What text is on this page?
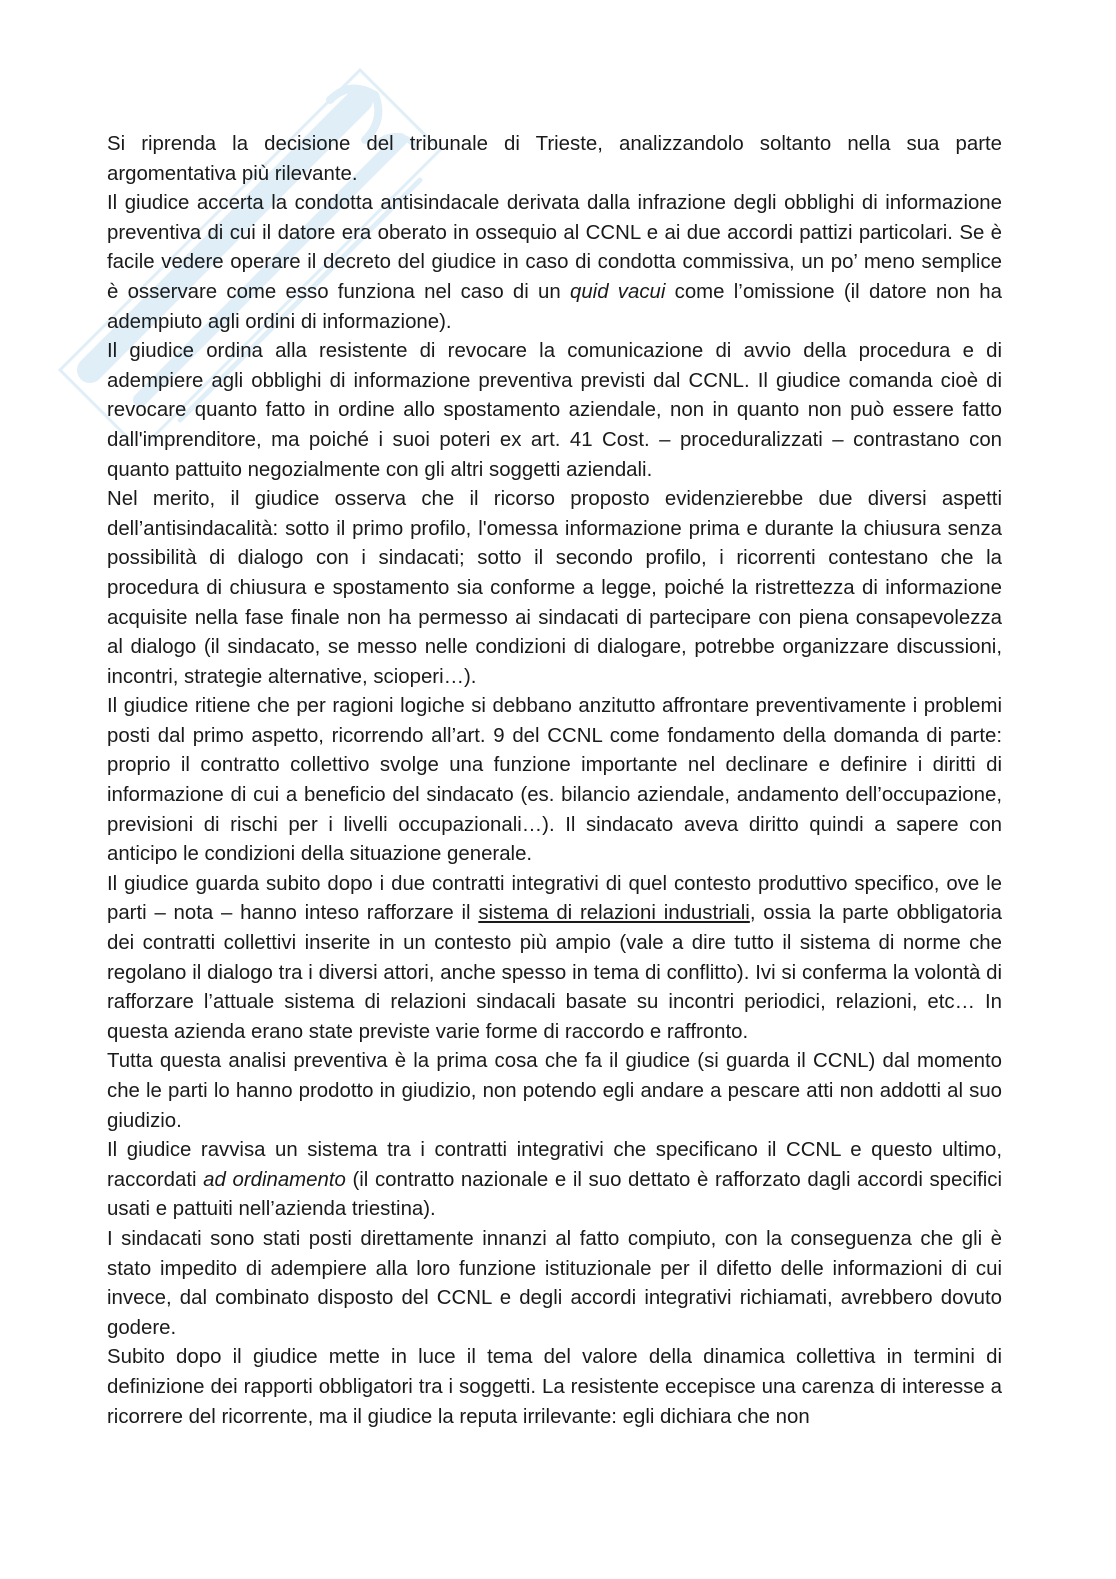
Si riprenda la decisione del tribunale di Trieste, analizzandolo soltanto nella sua parte argomentativa più rilevante.

Il giudice accerta la condotta antisindacale derivata dalla infrazione degli obblighi di informazione preventiva di cui il datore era oberato in ossequio al CCNL e ai due accordi pattizi particolari. Se è facile vedere operare il decreto del giudice in caso di condotta commissiva, un po’ meno semplice è osservare come esso funziona nel caso di un quid vacui come l’omissione (il datore non ha adempiuto agli ordini di informazione).

Il giudice ordina alla resistente di revocare la comunicazione di avvio della procedura e di adempiere agli obblighi di informazione preventiva previsti dal CCNL. Il giudice comanda cioè di revocare quanto fatto in ordine allo spostamento aziendale, non in quanto non può essere fatto dall'imprenditore, ma poiché i suoi poteri ex art. 41 Cost. – proceduralizzati – contrastano con quanto pattuito negozialmente con gli altri soggetti aziendali.

Nel merito, il giudice osserva che il ricorso proposto evidenzierebbe due diversi aspetti dell’antisindacalità: sotto il primo profilo, l'omessa informazione prima e durante la chiusura senza possibilità di dialogo con i sindacati; sotto il secondo profilo, i ricorrenti contestano che la procedura di chiusura e spostamento sia conforme a legge, poiché la ristrettezza di informazione acquisite nella fase finale non ha permesso ai sindacati di partecipare con piena consapevolezza al dialogo (il sindacato, se messo nelle condizioni di dialogare, potrebbe organizzare discussioni, incontri, strategie alternative, scioperi…).

Il giudice ritiene che per ragioni logiche si debbano anzitutto affrontare preventivamente i problemi posti dal primo aspetto, ricorrendo all’art. 9 del CCNL come fondamento della domanda di parte: proprio il contratto collettivo svolge una funzione importante nel declinare e definire i diritti di informazione di cui a beneficio del sindacato (es. bilancio aziendale, andamento dell’occupazione, previsioni di rischi per i livelli occupazionali…). Il sindacato aveva diritto quindi a sapere con anticipo le condizioni della situazione generale.

Il giudice guarda subito dopo i due contratti integrativi di quel contesto produttivo specifico, ove le parti – nota – hanno inteso rafforzare il sistema di relazioni industriali, ossia la parte obbligatoria dei contratti collettivi inserite in un contesto più ampio (vale a dire tutto il sistema di norme che regolano il dialogo tra i diversi attori, anche spesso in tema di conflitto). Ivi si conferma la volontà di rafforzare l’attuale sistema di relazioni sindacali basate su incontri periodici, relazioni, etc… In questa azienda erano state previste varie forme di raccordo e raffronto.

Tutta questa analisi preventiva è la prima cosa che fa il giudice (si guarda il CCNL) dal momento che le parti lo hanno prodotto in giudizio, non potendo egli andare a pescare atti non addotti al suo giudizio.

Il giudice ravvisa un sistema tra i contratti integrativi che specificano il CCNL e questo ultimo, raccordati ad ordinamento (il contratto nazionale e il suo dettato è rafforzato dagli accordi specifici usati e pattuiti nell’azienda triestina).

I sindacati sono stati posti direttamente innanzi al fatto compiuto, con la conseguenza che gli è stato impedito di adempiere alla loro funzione istituzionale per il difetto delle informazioni di cui invece, dal combinato disposto del CCNL e degli accordi integrativi richiamati, avrebbero dovuto godere.

Subito dopo il giudice mette in luce il tema del valore della dinamica collettiva in termini di definizione dei rapporti obbligatori tra i soggetti. La resistente eccepisce una carenza di interesse a ricorrere del ricorrente, ma il giudice la reputa irrilevante: egli dichiara che non
